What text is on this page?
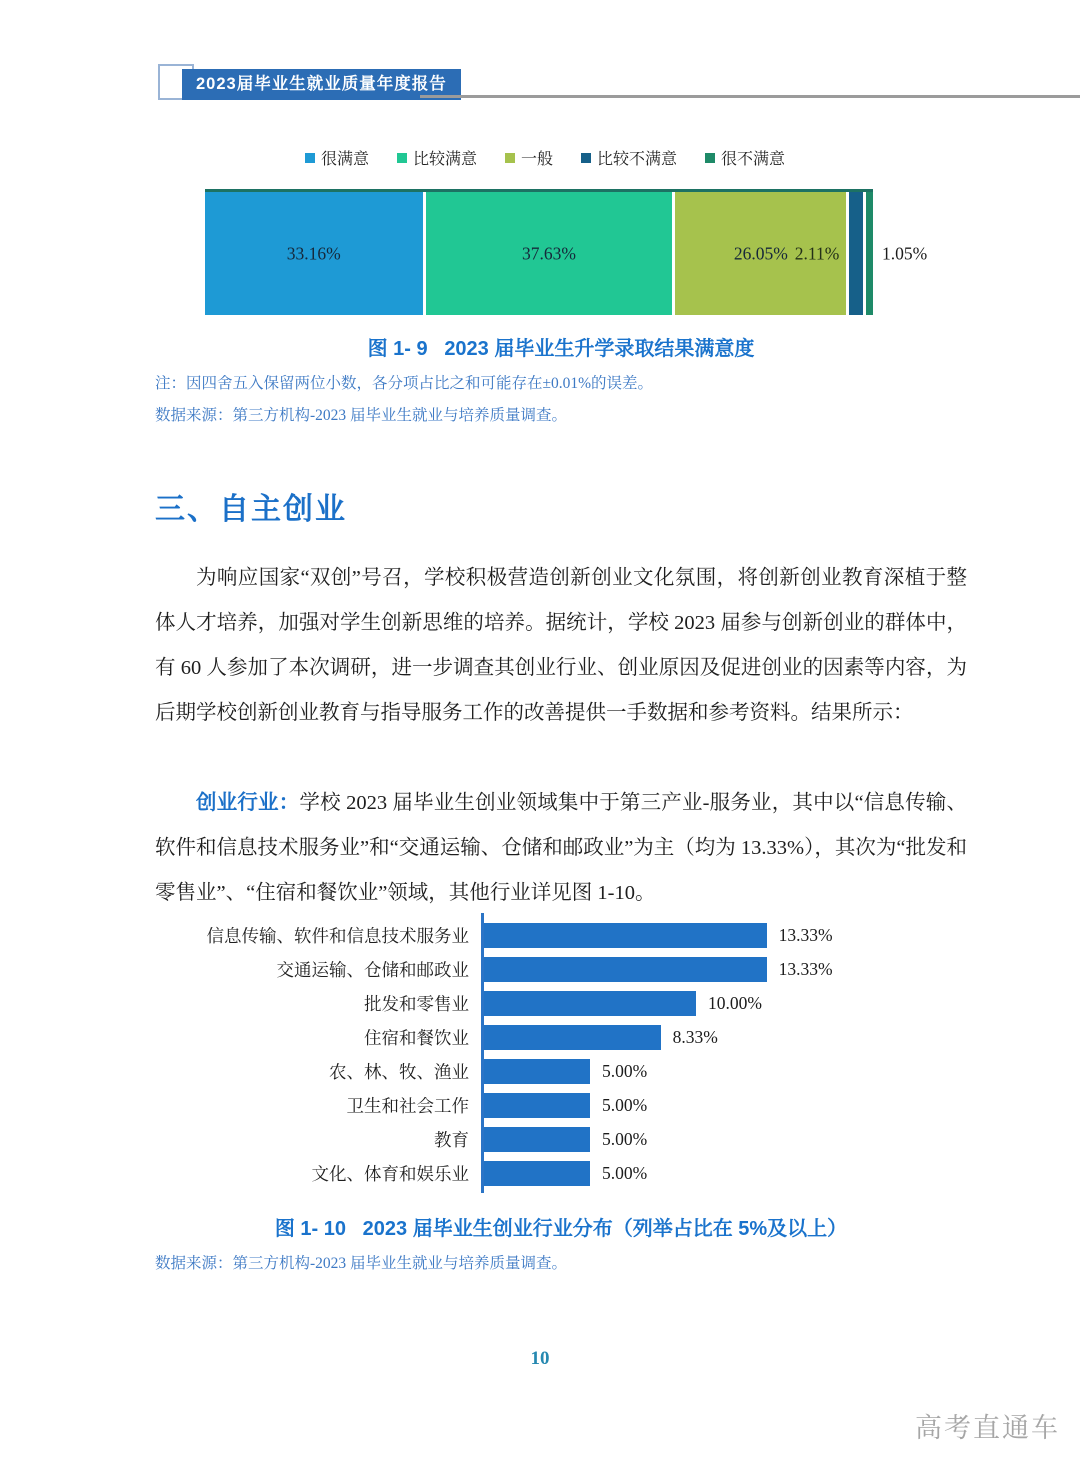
2023届毕业生就业质量年度报告
很满意	比较满意	一般	比较不满意	很不满意
33.16%	37.63%	26.05% 2.11% 1.05%
图 1- 9   2023 届毕业生升学录取结果满意度
注：因四舍五入保留两位小数，各分项占比之和可能存在±0.01%的误差。
数据来源：第三方机构-2023 届毕业生就业与培养质量调查。
三、自主创业
为响应国家“双创”号召，学校积极营造创新创业文化氛围，将创新创业教育深植于整体人才培养，加强对学生创新思维的培养。据统计，学校 2023 届参与创新创业的群体中，有 60 人参加了本次调研，进一步调查其创业行业、创业原因及促进创业的因素等内容，为后期学校创新创业教育与指导服务工作的改善提供一手数据和参考资料。结果所示：
创业行业：学校 2023 届毕业生创业领域集中于第三产业-服务业，其中以“信息传输、软件和信息技术服务业”和“交通运输、仓储和邮政业”为主（均为 13.33%），其次为“批发和零售业”、“住宿和餐饮业”领域，其他行业详见图 1-10。
信息传输、软件和信息技术服务业	13.33%
交通运输、仓储和邮政业	13.33%
批发和零售业	10.00%
住宿和餐饮业	8.33%
农、林、牧、渔业	5.00%
卫生和社会工作	5.00%
教育	5.00%
文化、体育和娱乐业	5.00%
图 1- 10   2023 届毕业生创业行业分布（列举占比在 5%及以上）
数据来源：第三方机构-2023 届毕业生就业与培养质量调查。
10
高考直通车
